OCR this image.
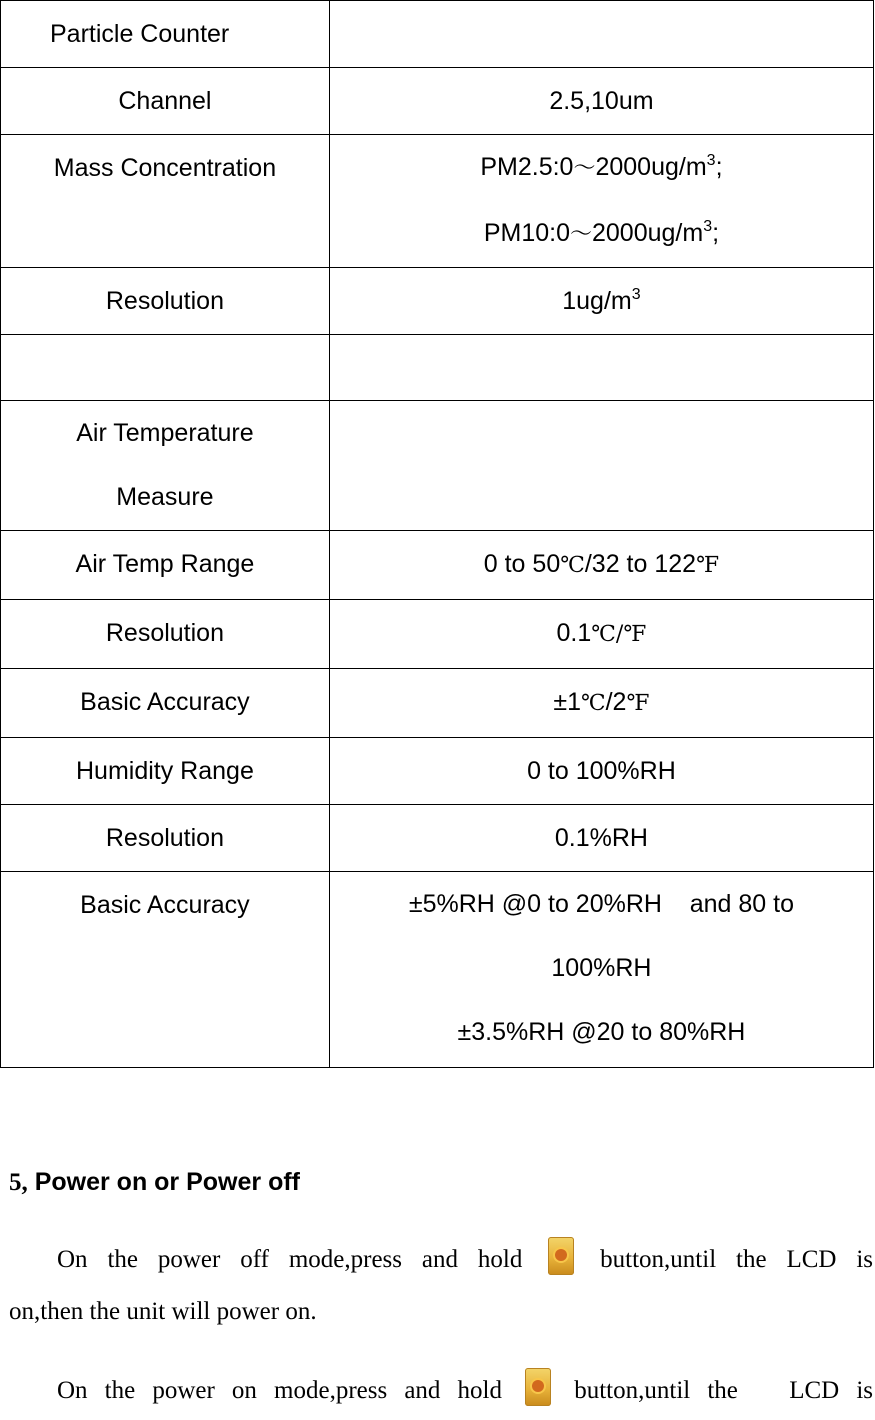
Particle Counter	
Channel	2.5,10um
Mass Concentration	$PM2.5:0\sim 2000ug/m^3$;
$PM10:0\sim 2000ug/m^3$;

Resolution	$1ug/m^3$

Air Temperature
Measure	

Air Temp Range	0 to 50℃/32 to 122℉
Resolution	0.1℃/℉
Basic Accuracy	±1℃/2℉
Humidity Range	0 to 100%RH
Resolution	0.1%RH
Basic Accuracy	±5%RH @0 to 20%RH    and 80 to
100%RH
±3.5%RH @20 to 80%RH
5, Power on or Power off
On the power off mode,press and hold	button,until the LCD is
on,then the unit will power on.
On the power on mode,press and hold	button,until the   LCD is
